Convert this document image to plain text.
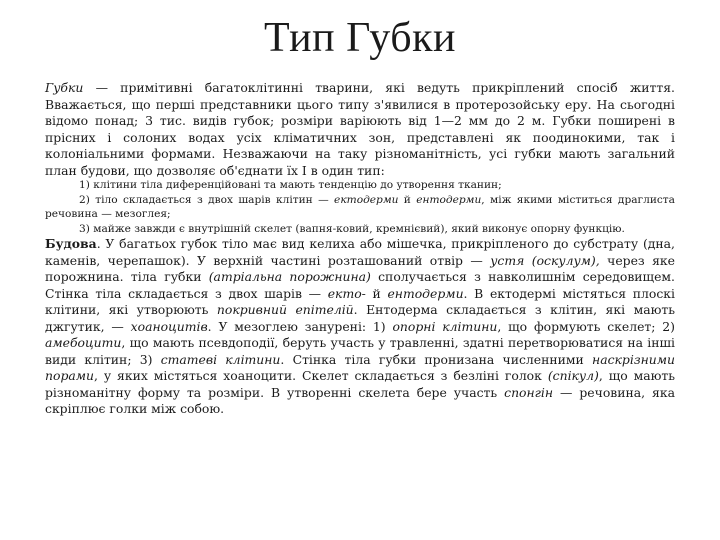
Тип Губки

Губки — примітивні багатоклітинні тварини, які ведуть прикріплений спосіб життя. Вважається, що перші представники цього типу з'явилися в протерозойську еру. На сьогодні відомо понад; 3 тис. видів губок; розміри варіюють від 1—2 мм до 2 м. Губки поширені в прісних і солоних водах усіх кліматичних зон, представлені як поодинокими, так і колоніальними формами. Незважаючи на таку різноманітність, усі губки мають загальний план будови, що дозволяє об'єднати їх I в один тип:

1) клітини тіла диференційовані та мають тенденцію до утворення тканин;

2) тіло складається з двох шарів клітин — ектодерми й ентодерми, між якими міститься драглиста речовина — мезоглея;

3) майже завжди є внутрішній скелет (вапня-ковий, кремнієвий), який виконує опорну функцію.

Будова. У багатьох губок тіло має вид келиха або мішечка, прикріпленого до субстрату (дна, каменів, черепашок). У верхній частині розташований отвір — устя (оскулум), через яке порожнина. тіла губки (атріальна порожнина) сполучається з навколишнім середовищем. Стінка тіла складається з двох шарів — екто- й ентодерми. В ектодермі містяться плоскі клітини, які утворюють покривний епітелій. Ентодерма складається з клітин, які мають джгутик, — хоаноцитів. У мезоглею занурені: 1) опорні клітини, що формують скелет; 2) амебоцити, що мають псевдоподії, беруть участь у травленні, здатні перетворюватися на інші види клітин; 3) статеві клітини. Стінка тіла губки пронизана численними наскрізними порами, у яких містяться хоаноцити. Скелет складається з безліні голок (спікул), що мають різноманітну форму та розміри. В утворенні скелета бере участь спонгін — речовина, яка скріплює голки між собою.
